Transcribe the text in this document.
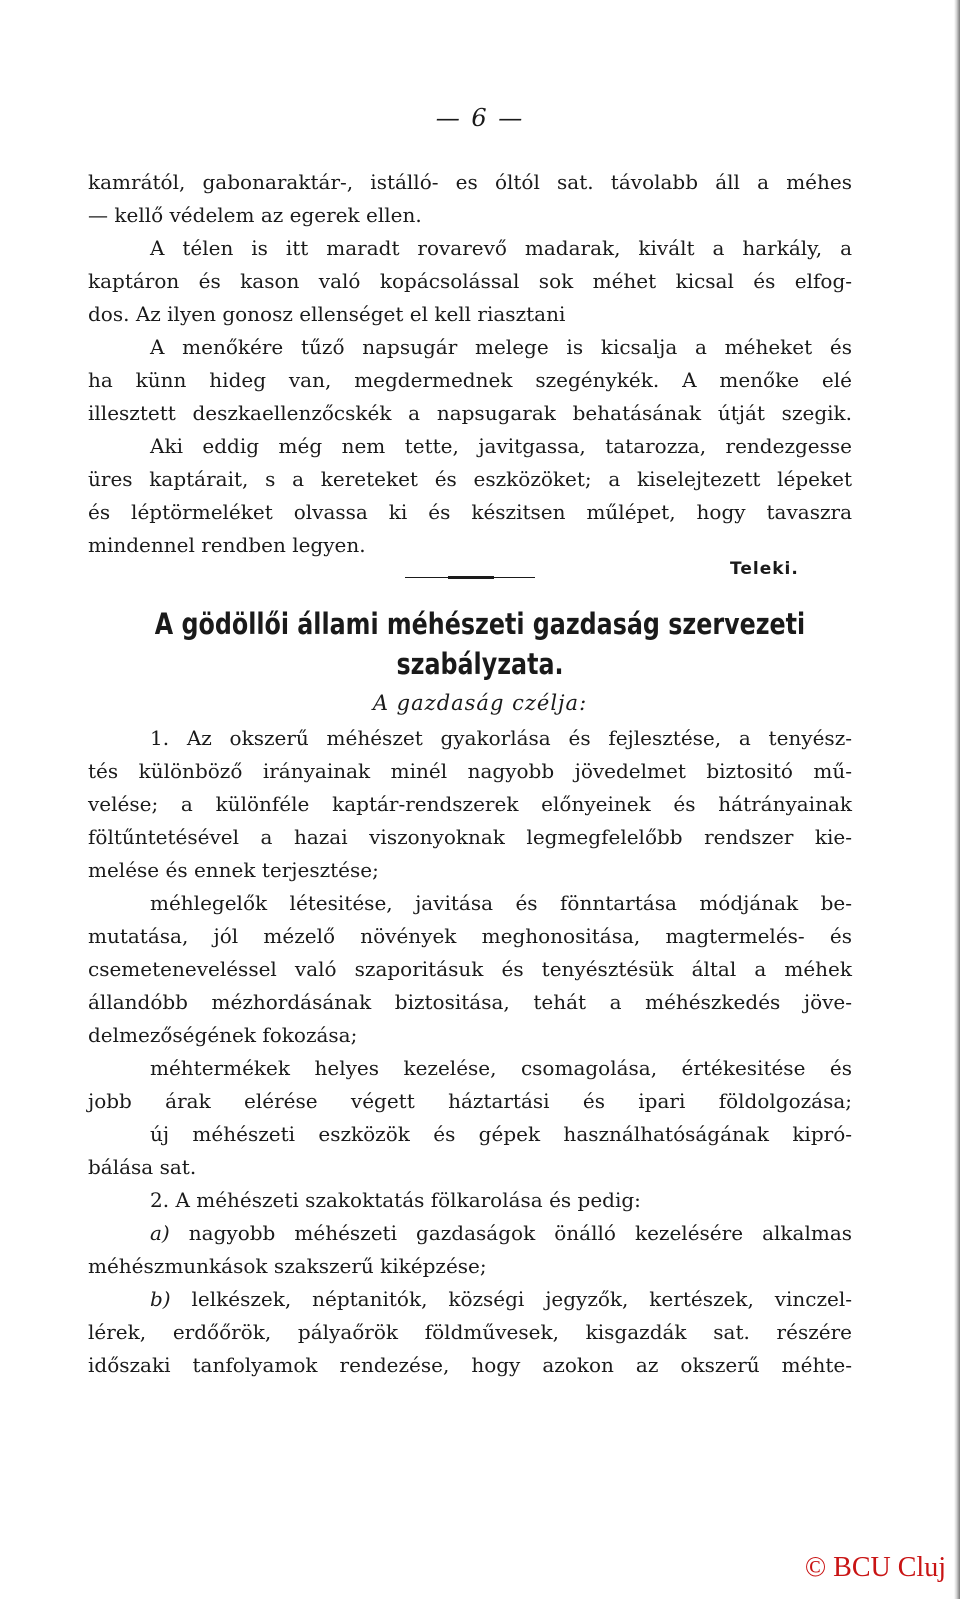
— 6 —
kamrától, gabonaraktár-, istálló- es óltól sat. távolabb áll a méhes
— kellő védelem az egerek ellen.
A télen is itt maradt rovarevő madarak, kivált a harkály, a
kaptáron és kason való kopácsolással sok méhet kicsal és elfog-
dos. Az ilyen gonosz ellenséget el kell riasztani
A menőkére tűző napsugár melege is kicsalja a méheket és
ha künn hideg van, megdermednek szegénykék. A menőke elé
illesztett deszkaellenzőcskék a napsugarak behatásának útját szegik.
Aki eddig még nem tette, javitgassa, tatarozza, rendezgesse
üres kaptárait, s a kereteket és eszközöket; a kiselejtezett lépeket
és léptörmeléket olvassa ki és készitsen műlépet, hogy tavaszra
mindennel rendben legyen.
Teleki.
A gödöllői állami méhészeti gazdaság szervezeti
szabályzata.
A gazdaság czélja:
1. Az okszerű méhészet gyakorlása és fejlesztése, a tenyész-
tés különböző irányainak minél nagyobb jövedelmet biztositó mű-
velése; a különféle kaptár-rendszerek előnyeinek és hátrányainak
föltűntetésével a hazai viszonyoknak legmegfelelőbb rendszer kie-
melése és ennek terjesztése;
méhlegelők létesitése, javitása és fönntartása módjának be-
mutatása, jól mézelő növények meghonositása, magtermelés- és
csemeteneveléssel való szaporitásuk és tenyésztésük által a méhek
állandóbb mézhordásának biztositása, tehát a méhészkedés jöve-
delmezőségének fokozása;
méhtermékek helyes kezelése, csomagolása, értékesitése és
jobb árak elérése végett háztartási és ipari földolgozása;
új méhészeti eszközök és gépek használhatóságának kipró-
bálása sat.
2. A méhészeti szakoktatás fölkarolása és pedig:
a) nagyobb méhészeti gazdaságok önálló kezelésére alkalmas
méhészmunkások szakszerű kiképzése;
b) lelkészek, néptanitók, községi jegyzők, kertészek, vinczel-
lérek, erdőőrök, pályaőrök földművesek, kisgazdák sat. részére
időszaki tanfolyamok rendezése, hogy azokon az okszerű méhte-
© BCU Cluj
